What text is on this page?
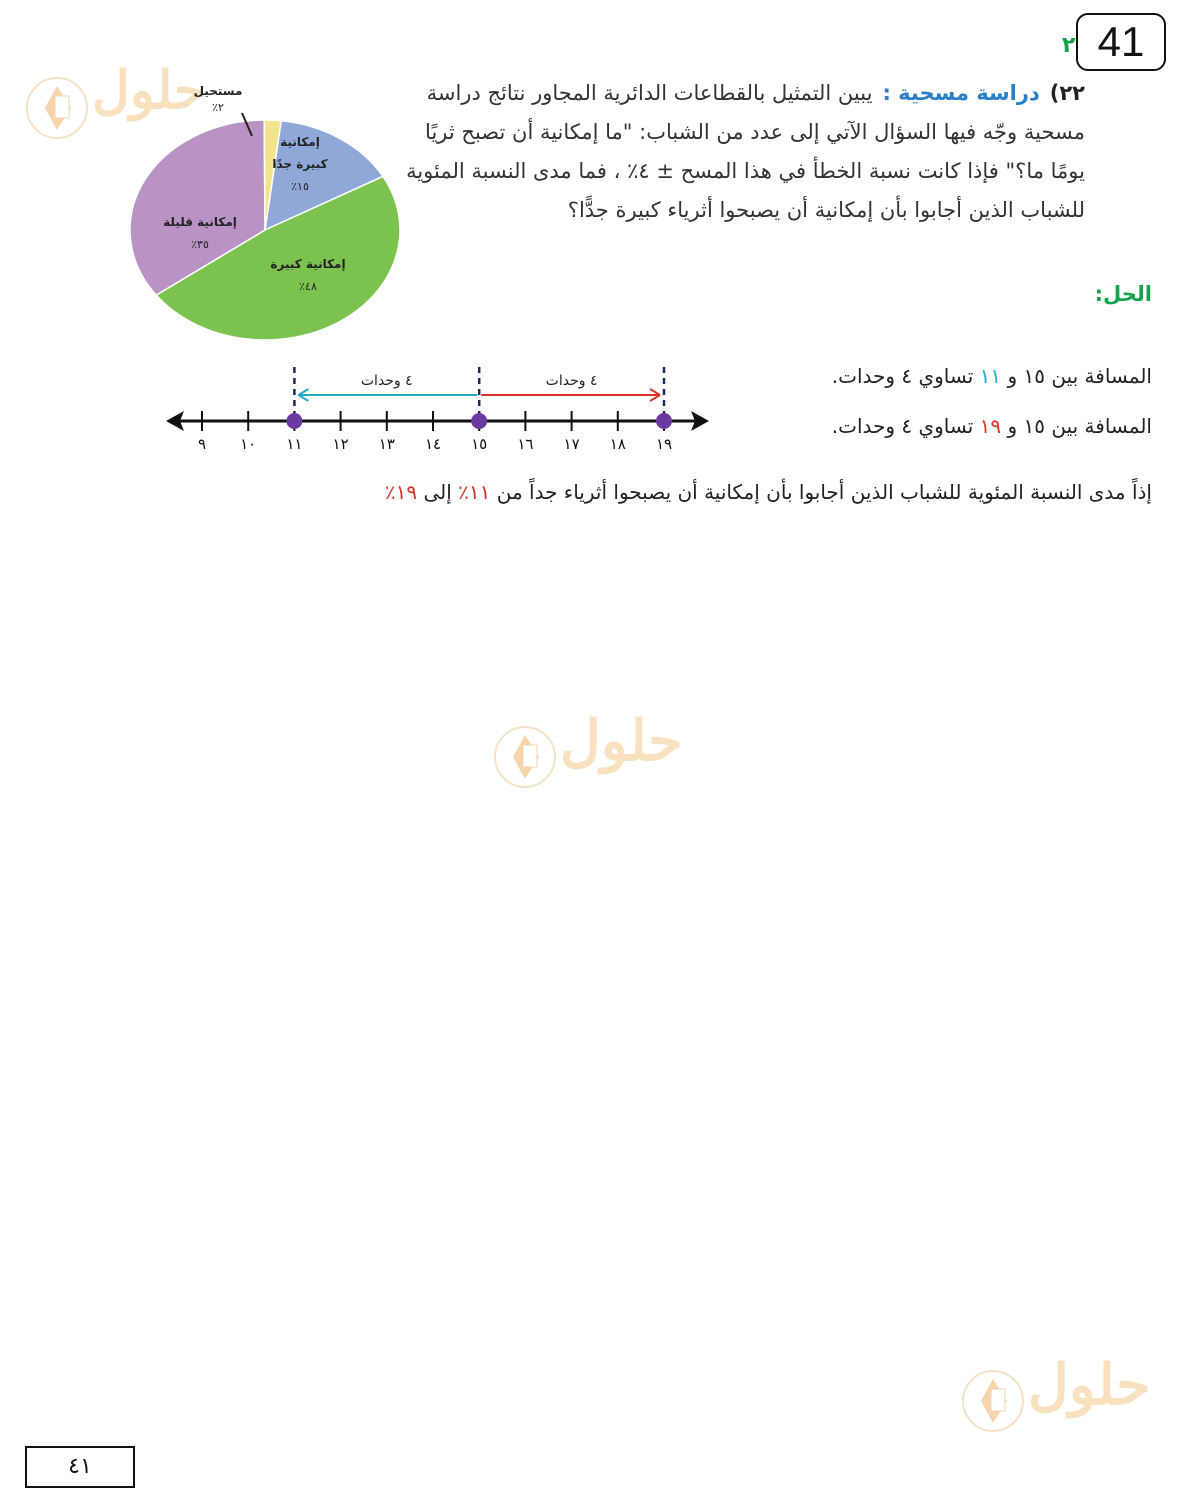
41
٢
حلول
مستحيل
٪٢
إمكانية
كبيرة جدًا
٪١٥
إمكانية قليلة
٪٣٥
إمكانية كبيرة
٪٤٨
٢٢)دراسة مسحية :يبين التمثيل بالقطاعات الدائرية المجاور نتائج دراسة مسحية وجّه فيها السؤال الآتي إلى عدد من الشباب: "ما إمكانية أن تصبح ثريًا يومًا ما؟" فإذا كانت نسبة الخطأ في هذا المسح ± ٤٪ ، فما مدى النسبة المئوية للشباب الذين أجابوا بأن إمكانية أن يصبحوا أثرياء كبيرة جدًّا؟
الحل:
المسافة بين ١٥ و ١١ تساوي ٤ وحدات.
المسافة بين ١٥ و ١٩ تساوي ٤ وحدات.
٩ ١٠ ١١ ١٢ ١٣ ١٤ ١٥ ١٦ ١٧ ١٨ ١٩
٤ وحدات	٤ وحدات
إذاً مدى النسبة المئوية للشباب الذين أجابوا بأن إمكانية أن يصبحوا أثرياء جداً من ١١٪ إلى ١٩٪
حلول
حلول
٤١
